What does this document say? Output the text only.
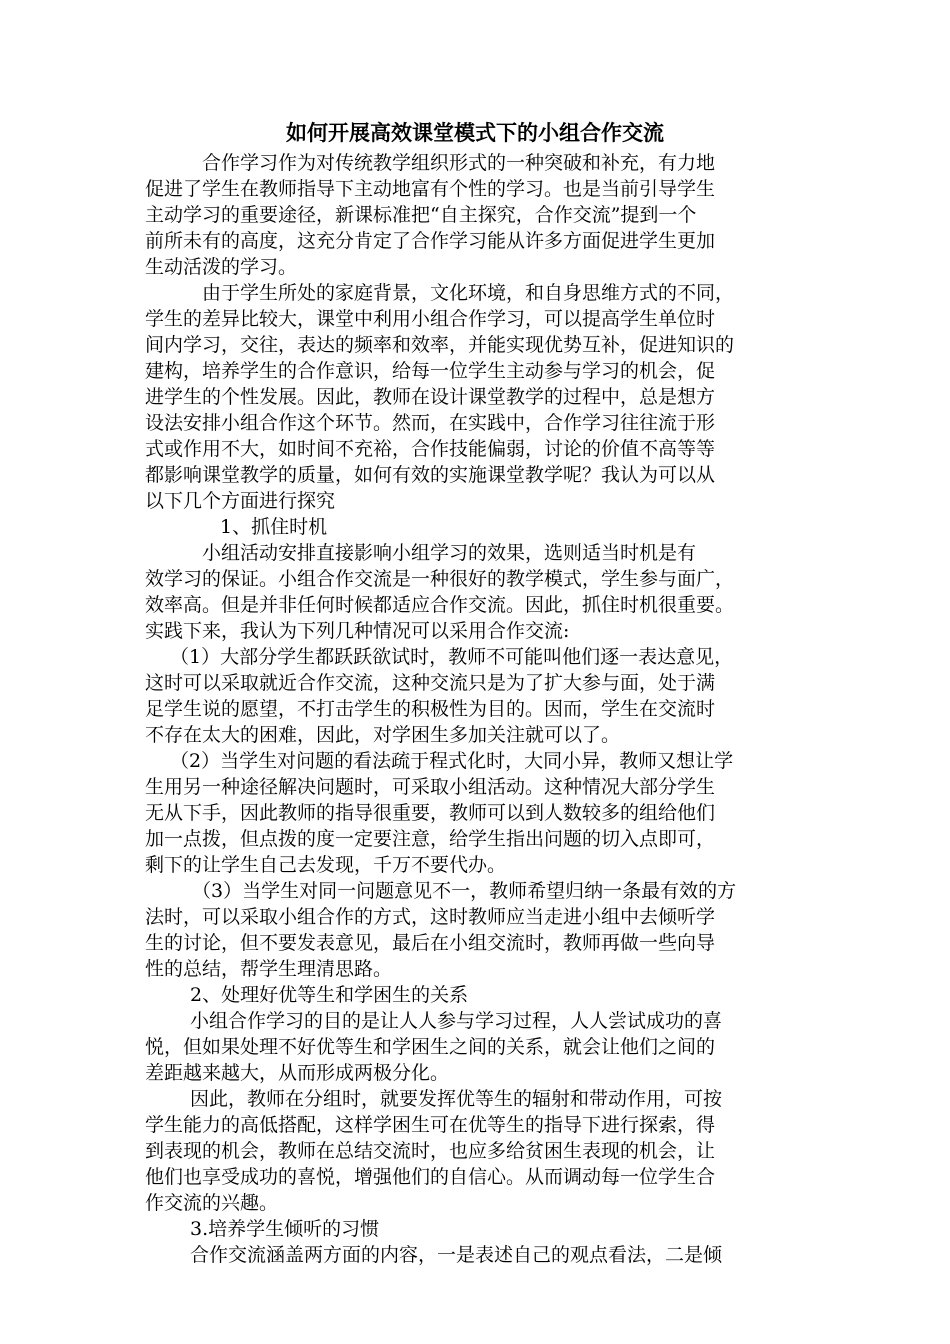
如何开展高效课堂模式下的小组合作交流
合作学习作为对传统教学组织形式的一种突破和补充，有力地
促进了学生在教师指导下主动地富有个性的学习。也是当前引导学生
主动学习的重要途径，新课标准把“自主探究，合作交流”提到一个
前所未有的高度，这充分肯定了合作学习能从许多方面促进学生更加
生动活泼的学习。
由于学生所处的家庭背景，文化环境，和自身思维方式的不同，
学生的差异比较大，课堂中利用小组合作学习，可以提高学生单位时
间内学习，交往，表达的频率和效率，并能实现优势互补，促进知识的
建构，培养学生的合作意识，给每一位学生主动参与学习的机会，促
进学生的个性发展。因此，教师在设计课堂教学的过程中，总是想方
设法安排小组合作这个环节。然而，在实践中，合作学习往往流于形
式或作用不大，如时间不充裕，合作技能偏弱，讨论的价值不高等等
都影响课堂教学的质量，如何有效的实施课堂教学呢？我认为可以从
以下几个方面进行探究
1、抓住时机
小组活动安排直接影响小组学习的效果，选则适当时机是有
效学习的保证。小组合作交流是一种很好的教学模式，学生参与面广，
效率高。但是并非任何时候都适应合作交流。因此，抓住时机很重要。
实践下来，我认为下列几种情况可以采用合作交流:
（1）大部分学生都跃跃欲试时，教师不可能叫他们逐一表达意见，
这时可以采取就近合作交流，这种交流只是为了扩大参与面，处于满
足学生说的愿望，不打击学生的积极性为目的。因而，学生在交流时
不存在太大的困难，因此，对学困生多加关注就可以了。
（2）当学生对问题的看法疏于程式化时，大同小异，教师又想让学
生用另一种途径解决问题时，可采取小组活动。这种情况大部分学生
无从下手，因此教师的指导很重要，教师可以到人数较多的组给他们
加一点拨，但点拨的度一定要注意，给学生指出问题的切入点即可，
剩下的让学生自己去发现，千万不要代办。
（3）当学生对同一问题意见不一，教师希望归纳一条最有效的方
法时，可以采取小组合作的方式，这时教师应当走进小组中去倾听学
生的讨论，但不要发表意见，最后在小组交流时，教师再做一些向导
性的总结，帮学生理清思路。
2、处理好优等生和学困生的关系
小组合作学习的目的是让人人参与学习过程，人人尝试成功的喜
悦，但如果处理不好优等生和学困生之间的关系，就会让他们之间的
差距越来越大，从而形成两极分化。
因此，教师在分组时，就要发挥优等生的辐射和带动作用，可按
学生能力的高低搭配，这样学困生可在优等生的指导下进行探索，得
到表现的机会，教师在总结交流时，也应多给贫困生表现的机会，让
他们也享受成功的喜悦，增强他们的自信心。从而调动每一位学生合
作交流的兴趣。
3.培养学生倾听的习惯
合作交流涵盖两方面的内容，一是表述自己的观点看法，二是倾
